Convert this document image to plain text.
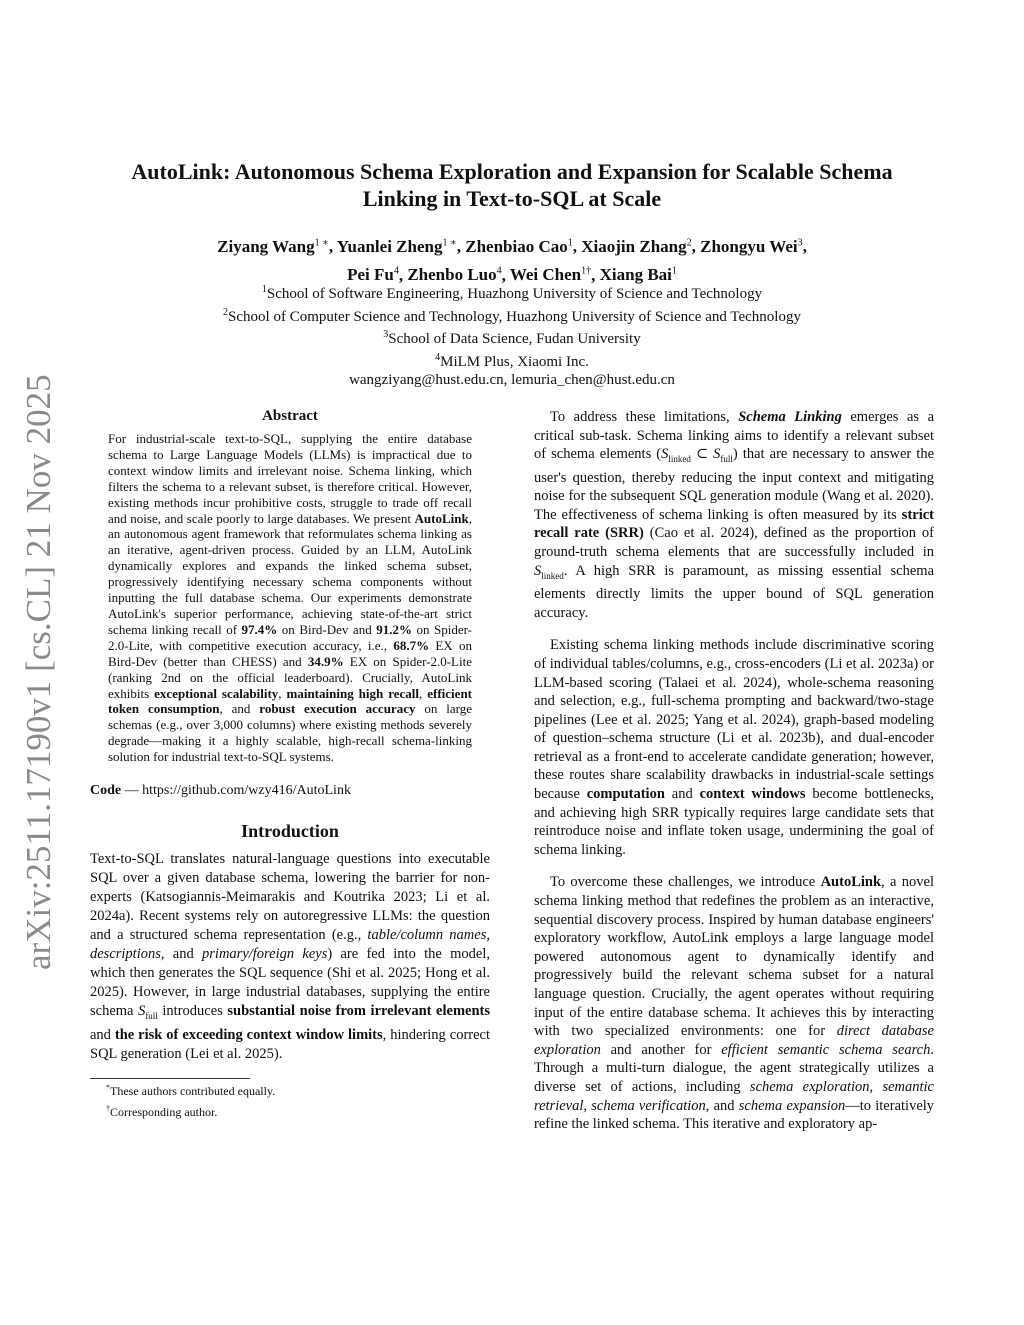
arXiv:2511.17190v1 [cs.CL] 21 Nov 2025
AutoLink: Autonomous Schema Exploration and Expansion for Scalable Schema
Linking in Text-to-SQL at Scale
Ziyang Wang$^{1 ∗}$, Yuanlei Zheng$^{1 ∗}$, Zhenbiao Cao$^1$, Xiaojin Zhang$^2$, Zhongyu Wei$^3$,
Pei Fu$^4$, Zhenbo Luo$^4$, Wei Chen$^{1\dagger}$, Xiang Bai$^1$
$^1$School of Software Engineering, Huazhong University of Science and Technology
$^2$School of Computer Science and Technology, Huazhong University of Science and Technology
$^3$School of Data Science, Fudan University
$^4$MiLM Plus, Xiaomi Inc.
wangziyang@hust.edu.cn, lemuria_chen@hust.edu.cn
Abstract

For industrial-scale text-to-SQL, supplying the entire database schema to Large Language Models (LLMs) is impractical due to context window limits and irrelevant noise. Schema linking, which filters the schema to a relevant subset, is therefore critical. However, existing methods incur prohibitive costs, struggle to trade off recall and noise, and scale poorly to large databases. We present AutoLink, an autonomous agent framework that reformulates schema linking as an iterative, agent-driven process. Guided by an LLM, AutoLink dynamically explores and expands the linked schema subset, progressively identifying necessary schema components without inputting the full database schema. Our experiments demonstrate AutoLink's superior performance, achieving state-of-the-art strict schema linking recall of 97.4% on Bird-Dev and 91.2% on Spider-2.0-Lite, with competitive execution accuracy, i.e., 68.7% EX on Bird-Dev (better than CHESS) and 34.9% EX on Spider-2.0-Lite (ranking 2nd on the official leaderboard). Crucially, AutoLink exhibits exceptional scalability, maintaining high recall, efficient token consumption, and robust execution accuracy on large schemas (e.g., over 3,000 columns) where existing methods severely degrade—making it a highly scalable, high-recall schema-linking solution for industrial text-to-SQL systems.

Code — https://github.com/wzy416/AutoLink
Introduction

Text-to-SQL translates natural-language questions into executable SQL over a given database schema, lowering the barrier for non-experts (Katsogiannis-Meimarakis and Koutrika 2023; Li et al. 2024a). Recent systems rely on autoregressive LLMs: the question and a structured schema representation (e.g., table/column names, descriptions, and primary/foreign keys) are fed into the model, which then generates the SQL sequence (Shi et al. 2025; Hong et al. 2025). However, in large industrial databases, supplying the entire schema $S_{full}$ introduces substantial noise from irrelevant elements and the risk of exceeding context window limits, hindering correct SQL generation (Lei et al. 2025).

*These authors contributed equally.
†Corresponding author.

To address these limitations, Schema Linking emerges as a critical sub-task. Schema linking aims to identify a relevant subset of schema elements ($S_{linked}$ ⊂ $S_{full}$) that are necessary to answer the user's question, thereby reducing the input context and mitigating noise for the subsequent SQL generation module (Wang et al. 2020). The effectiveness of schema linking is often measured by its strict recall rate (SRR) (Cao et al. 2024), defined as the proportion of ground-truth schema elements that are successfully included in $S_{linked}$. A high SRR is paramount, as missing essential schema elements directly limits the upper bound of SQL generation accuracy.

Existing schema linking methods include discriminative scoring of individual tables/columns, e.g., cross-encoders (Li et al. 2023a) or LLM-based scoring (Talaei et al. 2024), whole-schema reasoning and selection, e.g., full-schema prompting and backward/two-stage pipelines (Lee et al. 2025; Yang et al. 2024), graph-based modeling of question–schema structure (Li et al. 2023b), and dual-encoder retrieval as a front-end to accelerate candidate generation; however, these routes share scalability drawbacks in industrial-scale settings because computation and context windows become bottlenecks, and achieving high SRR typically requires large candidate sets that reintroduce noise and inflate token usage, undermining the goal of schema linking.

To overcome these challenges, we introduce AutoLink, a novel schema linking method that redefines the problem as an interactive, sequential discovery process. Inspired by human database engineers' exploratory workflow, AutoLink employs a large language model powered autonomous agent to dynamically identify and progressively build the relevant schema subset for a natural language question. Crucially, the agent operates without requiring input of the entire database schema. It achieves this by interacting with two specialized environments: one for direct database exploration and another for efficient semantic schema search. Through a multi-turn dialogue, the agent strategically utilizes a diverse set of actions, including schema exploration, semantic retrieval, schema verification, and schema expansion—to iteratively refine the linked schema. This iterative and exploratory ap-
